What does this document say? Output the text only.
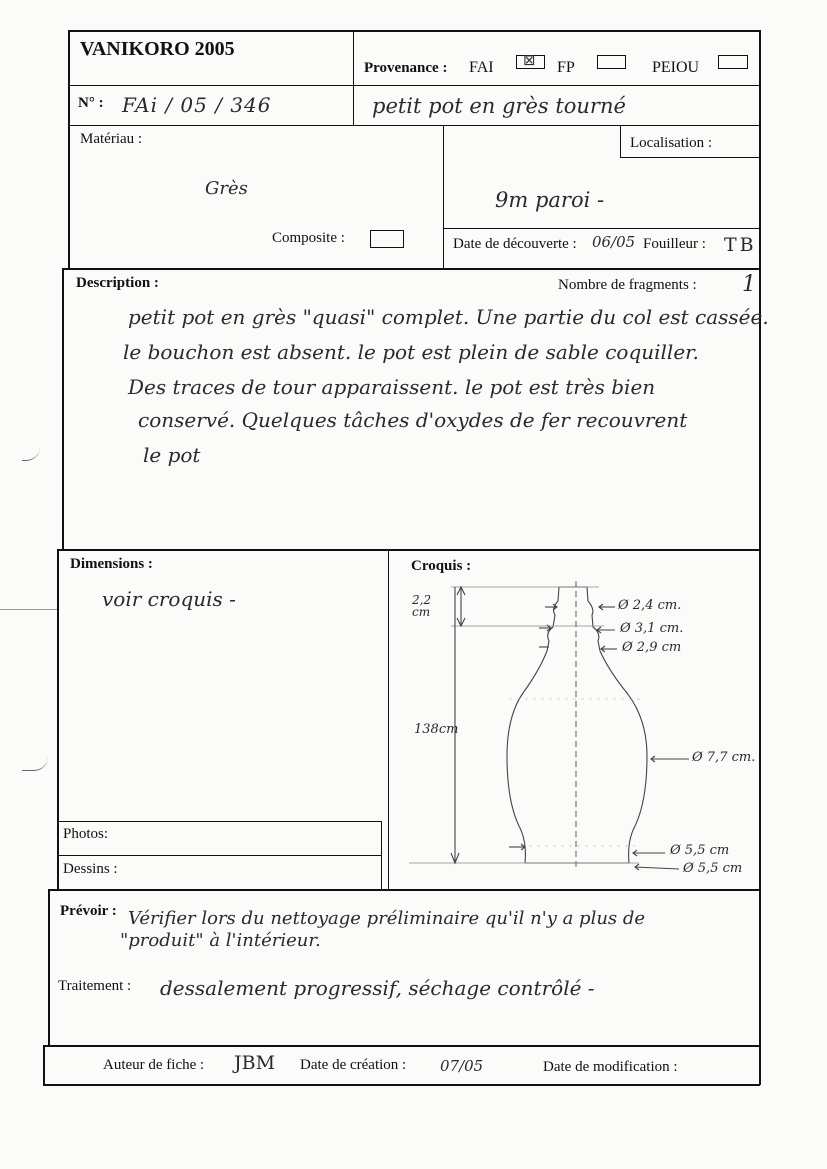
VANIKORO 2005
Provenance : FAI ⊠ FP	PEIOU
N° : FAi / 05 / 346	petit pot en grès tourné
Matériau :
Grès
Composite :
Localisation :
9m paroi -
Date de découverte : 06/05 Fouilleur : TB
Description :	Nombre de fragments : 1
petit pot en grès "quasi" complet. Une partie du col est cassée.
le bouchon est absent. le pot est plein de sable coquiller.
Des traces de tour apparaissent. le pot est très bien
conservé. Quelques tâches d'oxydes de fer recouvrent
le pot
Dimensions :
voir croquis -
Photos:
Dessins :
Croquis :
2,2 cm
138cm
Ø 2,4 cm.
Ø 3,1 cm.
Ø 2,9 cm
Ø 7,7 cm.
Ø 5,5 cm
Ø 5,5 cm
Prévoir : Vérifier lors du nettoyage préliminaire qu'il n'y a plus de
"produit" à l'intérieur.
Traitement : dessalement progressif, séchage contrôlé -
Auteur de fiche : JBM Date de création : 07/05	Date de modification :
